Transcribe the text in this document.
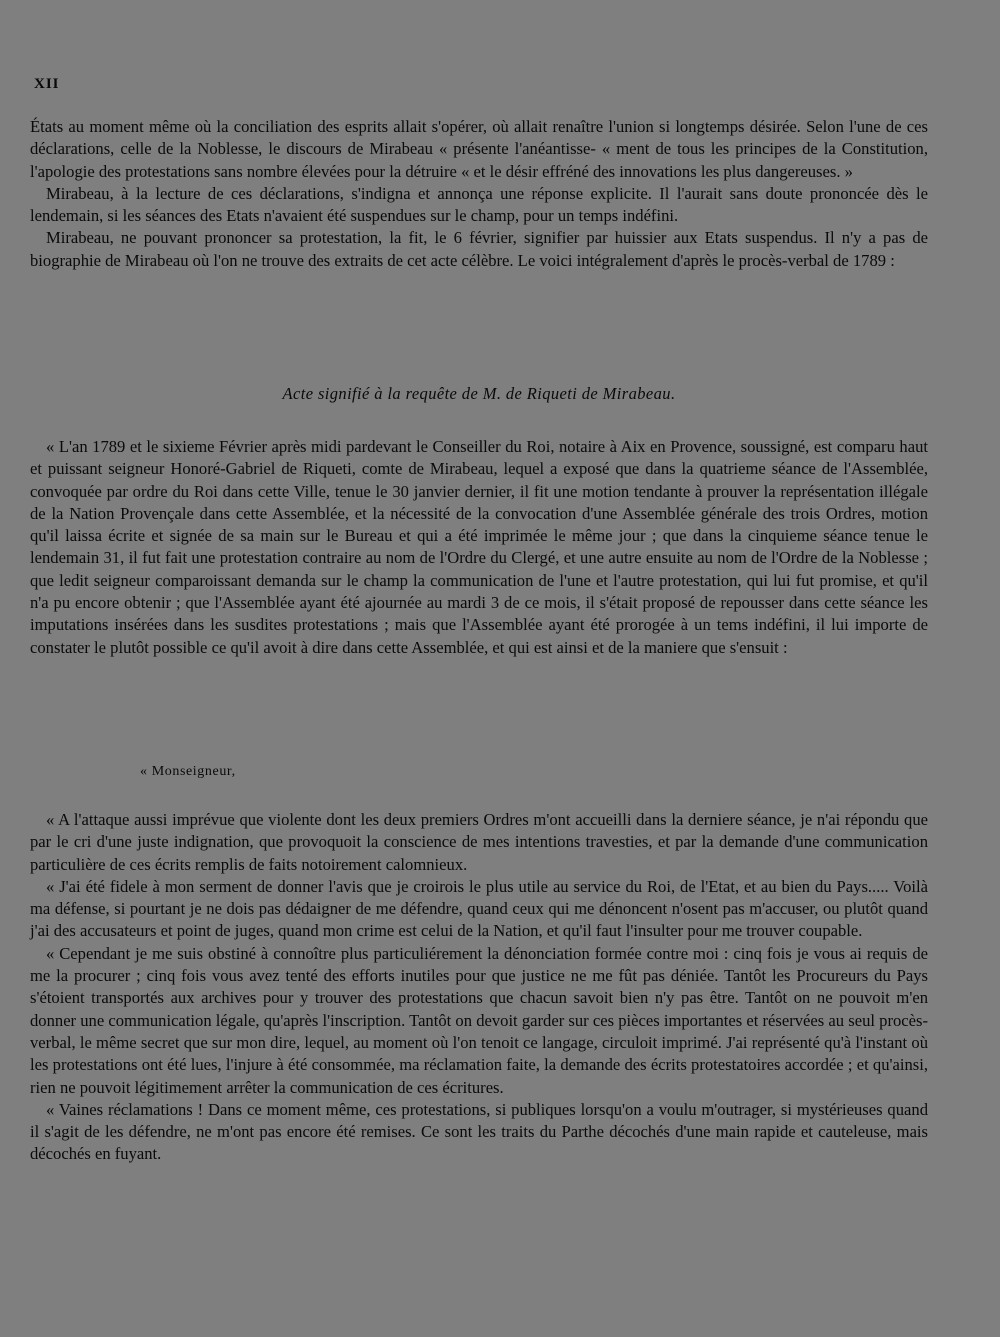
XII

États au moment même où la conciliation des esprits allait s'opérer, où allait renaître l'union si longtemps désirée. Selon l'une de ces déclarations, celle de la Noblesse, le discours de Mirabeau « présente l'anéantisse- « ment de tous les principes de la Constitution, l'apologie des protestations sans nombre élevées pour la détruire « et le désir effréné des innovations les plus dangereuses. »

Mirabeau, à la lecture de ces déclarations, s'indigna et annonça une réponse explicite. Il l'aurait sans doute prononcée dès le lendemain, si les séances des Etats n'avaient été suspendues sur le champ, pour un temps indéfini.

Mirabeau, ne pouvant prononcer sa protestation, la fit, le 6 février, signifier par huissier aux Etats suspendus. Il n'y a pas de biographie de Mirabeau où l'on ne trouve des extraits de cet acte célèbre. Le voici intégralement d'après le procès-verbal de 1789 :

Acte signifié à la requête de M. de Riqueti de Mirabeau.

« L'an 1789 et le sixieme Février après midi pardevant le Conseiller du Roi, notaire à Aix en Provence, soussigné, est comparu haut et puissant seigneur Honoré-Gabriel de Riqueti, comte de Mirabeau, lequel a exposé que dans la quatrieme séance de l'Assemblée, convoquée par ordre du Roi dans cette Ville, tenue le 30 janvier dernier, il fit une motion tendante à prouver la représentation illégale de la Nation Provençale dans cette Assemblée, et la nécessité de la convocation d'une Assemblée générale des trois Ordres, motion qu'il laissa écrite et signée de sa main sur le Bureau et qui a été imprimée le même jour ; que dans la cinquieme séance tenue le lendemain 31, il fut fait une protestation contraire au nom de l'Ordre du Clergé, et une autre ensuite au nom de l'Ordre de la Noblesse ; que ledit seigneur comparoissant demanda sur le champ la communication de l'une et l'autre protestation, qui lui fut promise, et qu'il n'a pu encore obtenir ; que l'Assemblée ayant été ajournée au mardi 3 de ce mois, il s'était proposé de repousser dans cette séance les imputations insérées dans les susdites protestations ; mais que l'Assemblée ayant été prorogée à un tems indéfini, il lui importe de constater le plutôt possible ce qu'il avoit à dire dans cette Assemblée, et qui est ainsi et de la maniere que s'ensuit :

« Monseigneur,

« A l'attaque aussi imprévue que violente dont les deux premiers Ordres m'ont accueilli dans la derniere séance, je n'ai répondu que par le cri d'une juste indignation, que provoquoit la conscience de mes intentions travesties, et par la demande d'une communication particulière de ces écrits remplis de faits notoirement calomnieux.

« J'ai été fidele à mon serment de donner l'avis que je croirois le plus utile au service du Roi, de l'Etat, et au bien du Pays..... Voilà ma défense, si pourtant je ne dois pas dédaigner de me défendre, quand ceux qui me dénoncent n'osent pas m'accuser, ou plutôt quand j'ai des accusateurs et point de juges, quand mon crime est celui de la Nation, et qu'il faut l'insulter pour me trouver coupable.

« Cependant je me suis obstiné à connoître plus particuliérement la dénonciation formée contre moi : cinq fois je vous ai requis de me la procurer ; cinq fois vous avez tenté des efforts inutiles pour que justice ne me fût pas déniée. Tantôt les Procureurs du Pays s'étoient transportés aux archives pour y trouver des protestations que chacun savoit bien n'y pas être. Tantôt on ne pouvoit m'en donner une communication légale, qu'après l'inscription. Tantôt on devoit garder sur ces pièces importantes et réservées au seul procès-verbal, le même secret que sur mon dire, lequel, au moment où l'on tenoit ce langage, circuloit imprimé. J'ai représenté qu'à l'instant où les protestations ont été lues, l'injure à été consommée, ma réclamation faite, la demande des écrits protestatoires accordée ; et qu'ainsi, rien ne pouvoit légitimement arrêter la communication de ces écritures.

« Vaines réclamations ! Dans ce moment même, ces protestations, si publiques lorsqu'on a voulu m'outrager, si mystérieuses quand il s'agit de les défendre, ne m'ont pas encore été remises. Ce sont les traits du Parthe décochés d'une main rapide et cauteleuse, mais décochés en fuyant.
